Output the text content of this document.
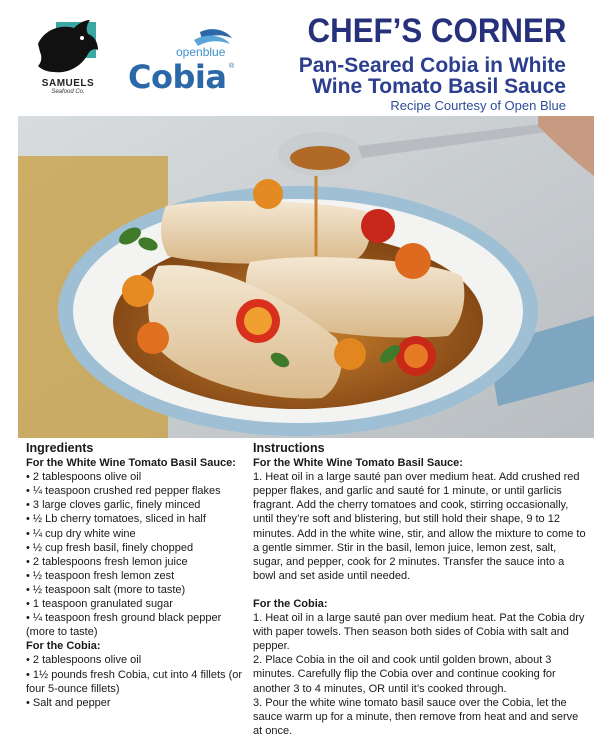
SAMUELS
Seafood Co.
openblue
Cobia ®
CHEF’S CORNER
Pan-Seared Cobia in White
Wine Tomato Basil Sauce
Recipe Courtesy of Open Blue
Ingredients
For the White Wine Tomato Basil Sauce:
• 2 tablespoons olive oil
• ¼ teaspoon crushed red pepper flakes
• 3 large cloves garlic, finely minced
• ½ Lb cherry tomatoes, sliced in half
• ¼ cup dry white wine
• ½ cup fresh basil, finely chopped
• 2 tablespoons fresh lemon juice
• ½ teaspoon fresh lemon zest
• ½ teaspoon salt (more to taste)
• 1 teaspoon granulated sugar
• ¼ teaspoon fresh ground black pepper (more to taste)
For the Cobia:
• 2 tablespoons olive oil
• 1½ pounds fresh Cobia, cut into 4 fillets (or four 5-ounce fillets)
• Salt and pepper
Instructions
For the White Wine Tomato Basil Sauce:

1. Heat oil in a large sauté pan over medium heat. Add crushed red pepper flakes, and garlic and sauté for 1 minute, or until garlicis fragrant. Add the cherry tomatoes and cook, stirring occasionally, until they’re soft and blistering, but still hold their shape, 9 to 12 minutes. Add in the white wine, stir, and allow the mixture to come to a gentle simmer. Stir in the basil, lemon juice, lemon zest, salt, sugar, and pepper, cook for 2 minutes. Transfer the sauce into a bowl and set aside until needed.

For the Cobia:

1. Heat oil in a large sauté pan over medium heat. Pat the Cobia dry with paper towels. Then season both sides of Cobia with salt and pepper.

2. Place Cobia in the oil and cook until golden brown, about 3 minutes. Carefully flip the Cobia over and continue cooking for another 3 to 4 minutes, OR until it’s cooked through.

3. Pour the white wine tomato basil sauce over the Cobia, let the sauce warm up for a minute, then remove from heat and and serve at once.
